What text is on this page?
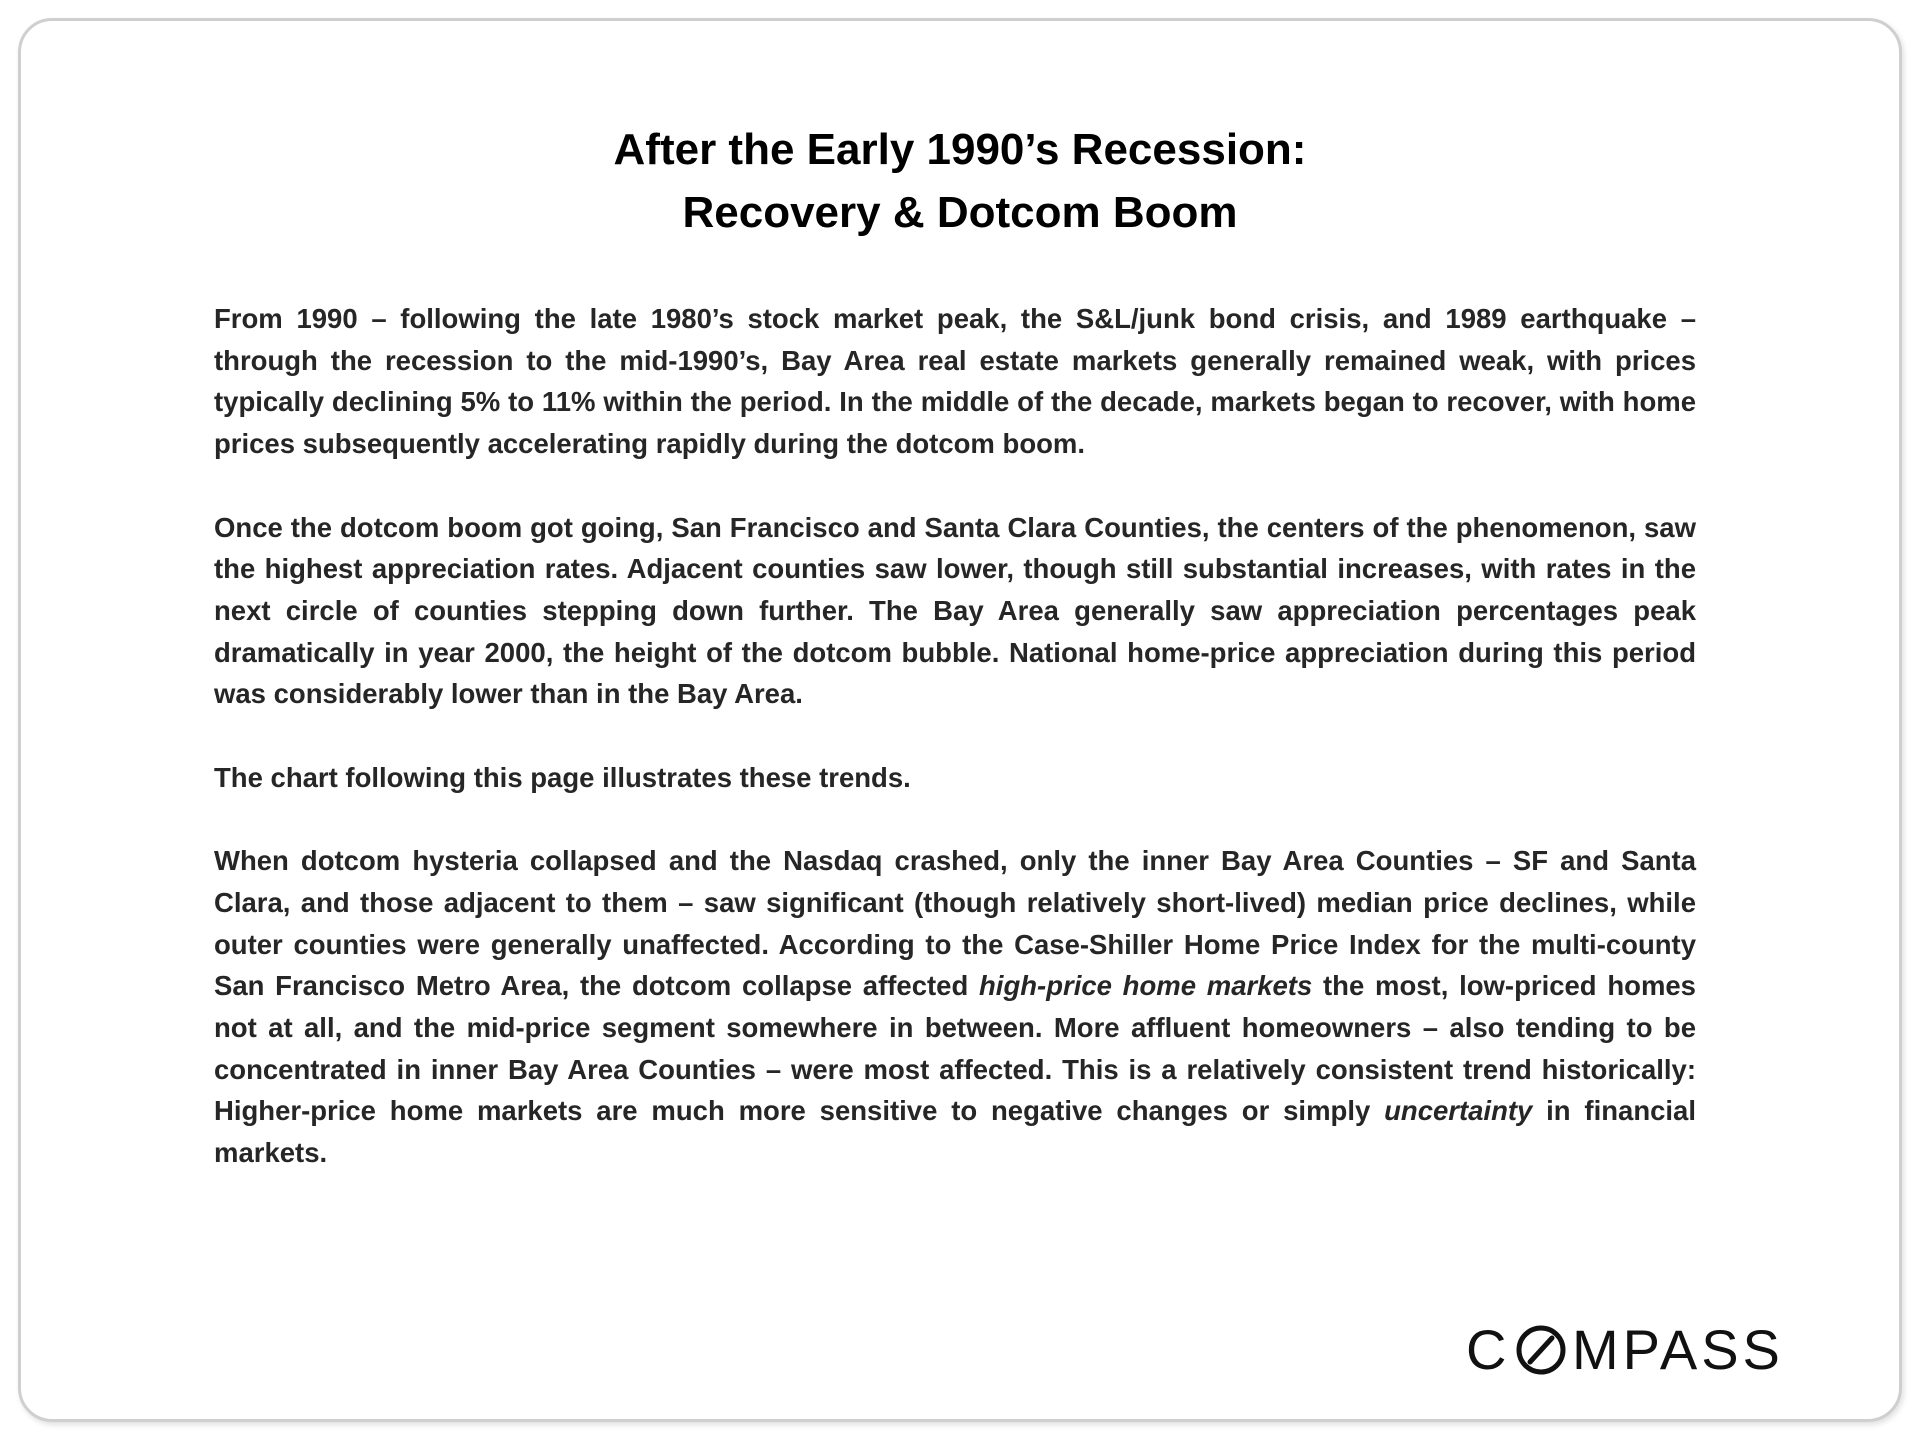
After the Early 1990’s Recession:
Recovery & Dotcom Boom

From 1990 – following the late 1980’s stock market peak, the S&L/junk bond crisis, and 1989 earthquake – through the recession to the mid-1990’s, Bay Area real estate markets generally remained weak, with prices typically declining 5% to 11% within the period. In the middle of the decade, markets began to recover, with home prices subsequently accelerating rapidly during the dotcom boom.

Once the dotcom boom got going, San Francisco and Santa Clara Counties, the centers of the phenomenon, saw the highest appreciation rates. Adjacent counties saw lower, though still substantial increases, with rates in the next circle of counties stepping down further. The Bay Area generally saw appreciation percentages peak dramatically in year 2000, the height of the dotcom bubble. National home-price appreciation during this period was considerably lower than in the Bay Area.

The chart following this page illustrates these trends.

When dotcom hysteria collapsed and the Nasdaq crashed, only the inner Bay Area Counties – SF and Santa Clara, and those adjacent to them – saw significant (though relatively short-lived) median price declines, while outer counties were generally unaffected. According to the Case-Shiller Home Price Index for the multi-county San Francisco Metro Area, the dotcom collapse affected high-price home markets the most, low-priced homes not at all, and the mid-price segment somewhere in between. More affluent homeowners – also tending to be concentrated in inner Bay Area Counties – were most affected. This is a relatively consistent trend historically: Higher-price home markets are much more sensitive to negative changes or simply uncertainty in financial markets.

C MPASS
